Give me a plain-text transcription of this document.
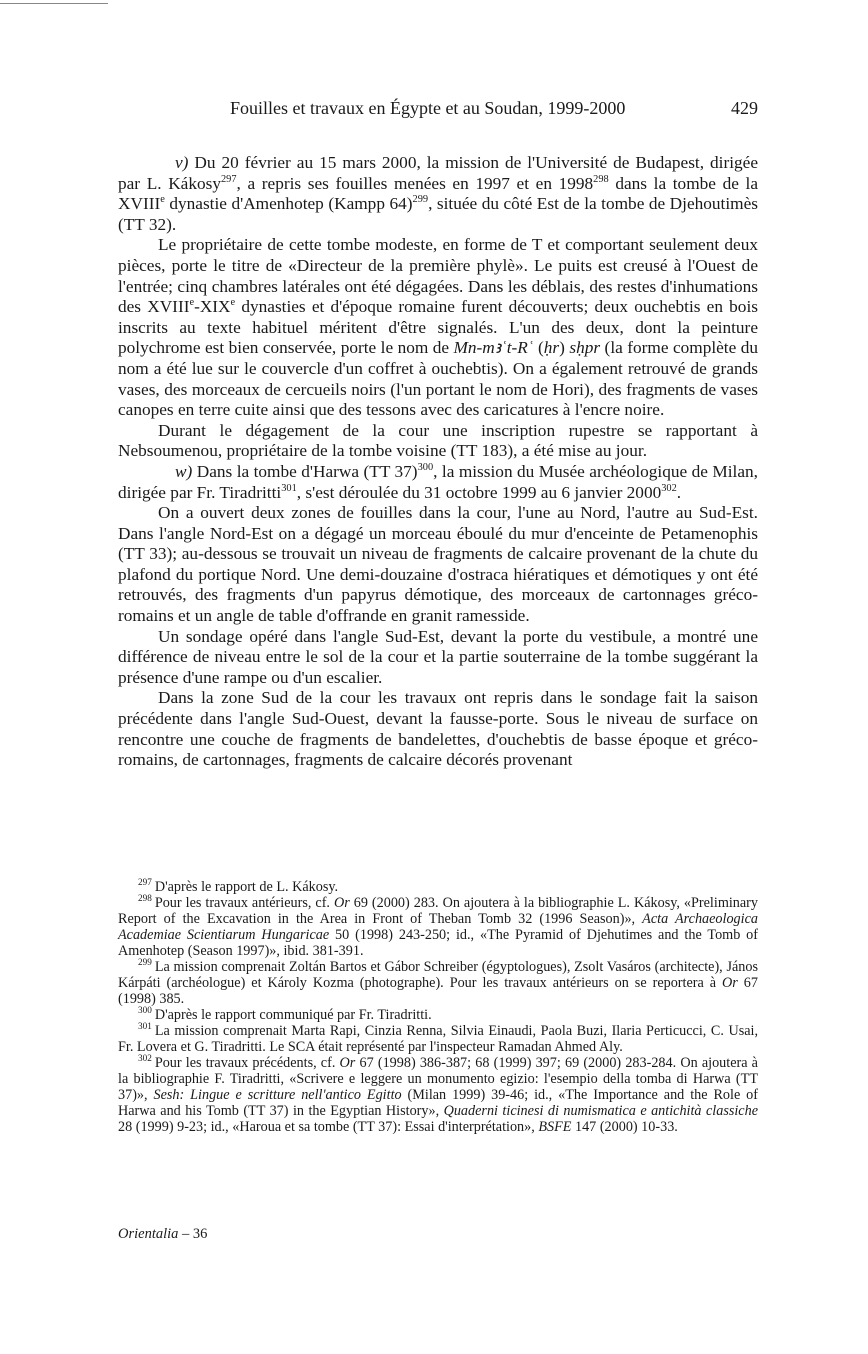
Fouilles et travaux en Égypte et au Soudan, 1999-2000	429

v) Du 20 février au 15 mars 2000, la mission de l'Université de Budapest, dirigée par L. Kákosy$^{297}$, a repris ses fouilles menées en 1997 et en 1998$^{298}$ dans la tombe de la XVIIIe dynastie d'Amenhotep (Kampp 64)$^{299}$, située du côté Est de la tombe de Djehoutimès (TT 32).

Le propriétaire de cette tombe modeste, en forme de T et comportant seulement deux pièces, porte le titre de «Directeur de la première phylè». Le puits est creusé à l'Ouest de l'entrée; cinq chambres latérales ont été dégagées. Dans les déblais, des restes d'inhumations des XVIIIe-XIXe dynasties et d'époque romaine furent découverts; deux ouchebtis en bois inscrits au texte habituel méritent d'être signalés. L'un des deux, dont la peinture polychrome est bien conservée, porte le nom de Mn-mꜣʿt-Rʿ (ḥr) sḥpr (la forme complète du nom a été lue sur le couvercle d'un coffret à ouchebtis). On a également retrouvé de grands vases, des morceaux de cercueils noirs (l'un portant le nom de Hori), des fragments de vases canopes en terre cuite ainsi que des tessons avec des caricatures à l'encre noire.

Durant le dégagement de la cour une inscription rupestre se rapportant à Nebsoumenou, propriétaire de la tombe voisine (TT 183), a été mise au jour.

w) Dans la tombe d'Harwa (TT 37)$^{300}$, la mission du Musée archéologique de Milan, dirigée par Fr. Tiradritti$^{301}$, s'est déroulée du 31 octobre 1999 au 6 janvier 2000$^{302}$.

On a ouvert deux zones de fouilles dans la cour, l'une au Nord, l'autre au Sud-Est. Dans l'angle Nord-Est on a dégagé un morceau éboulé du mur d'enceinte de Petamenophis (TT 33); au-dessous se trouvait un niveau de fragments de calcaire provenant de la chute du plafond du portique Nord. Une demi-douzaine d'ostraca hiératiques et démotiques y ont été retrouvés, des fragments d'un papyrus démotique, des morceaux de cartonnages gréco-romains et un angle de table d'offrande en granit ramesside.

Un sondage opéré dans l'angle Sud-Est, devant la porte du vestibule, a montré une différence de niveau entre le sol de la cour et la partie souterraine de la tombe suggérant la présence d'une rampe ou d'un escalier.

Dans la zone Sud de la cour les travaux ont repris dans le sondage fait la saison précédente dans l'angle Sud-Ouest, devant la fausse-porte. Sous le niveau de surface on rencontre une couche de fragments de bandelettes, d'ouchebtis de basse époque et gréco-romains, de cartonnages, fragments de calcaire décorés provenant

$^{297}$ D'après le rapport de L. Kákosy.

$^{298}$ Pour les travaux antérieurs, cf. Or 69 (2000) 283. On ajoutera à la bibliographie L. Kákosy, «Preliminary Report of the Excavation in the Area in Front of Theban Tomb 32 (1996 Season)», Acta Archaeologica Academiae Scientiarum Hungaricae 50 (1998) 243-250; id., «The Pyramid of Djehutimes and the Tomb of Amenhotep (Season 1997)», ibid. 381-391.

$^{299}$ La mission comprenait Zoltán Bartos et Gábor Schreiber (égyptologues), Zsolt Vasáros (architecte), János Kárpáti (archéologue) et Károly Kozma (photographe). Pour les travaux antérieurs on se reportera à Or 67 (1998) 385.

$^{300}$ D'après le rapport communiqué par Fr. Tiradritti.

$^{301}$ La mission comprenait Marta Rapi, Cinzia Renna, Silvia Einaudi, Paola Buzi, Ilaria Perticucci, C. Usai, Fr. Lovera et G. Tiradritti. Le SCA était représenté par l'inspecteur Ramadan Ahmed Aly.

$^{302}$ Pour les travaux précédents, cf. Or 67 (1998) 386-387; 68 (1999) 397; 69 (2000) 283-284. On ajoutera à la bibliographie F. Tiradritti, «Scrivere e leggere un monumento egizio: l'esempio della tomba di Harwa (TT 37)», Sesh: Lingue e scritture nell'antico Egitto (Milan 1999) 39-46; id., «The Importance and the Role of Harwa and his Tomb (TT 37) in the Egyptian History», Quaderni ticinesi di numismatica e antichità classiche 28 (1999) 9-23; id., «Haroua et sa tombe (TT 37): Essai d'interprétation», BSFE 147 (2000) 10-33.

Orientalia – 36
